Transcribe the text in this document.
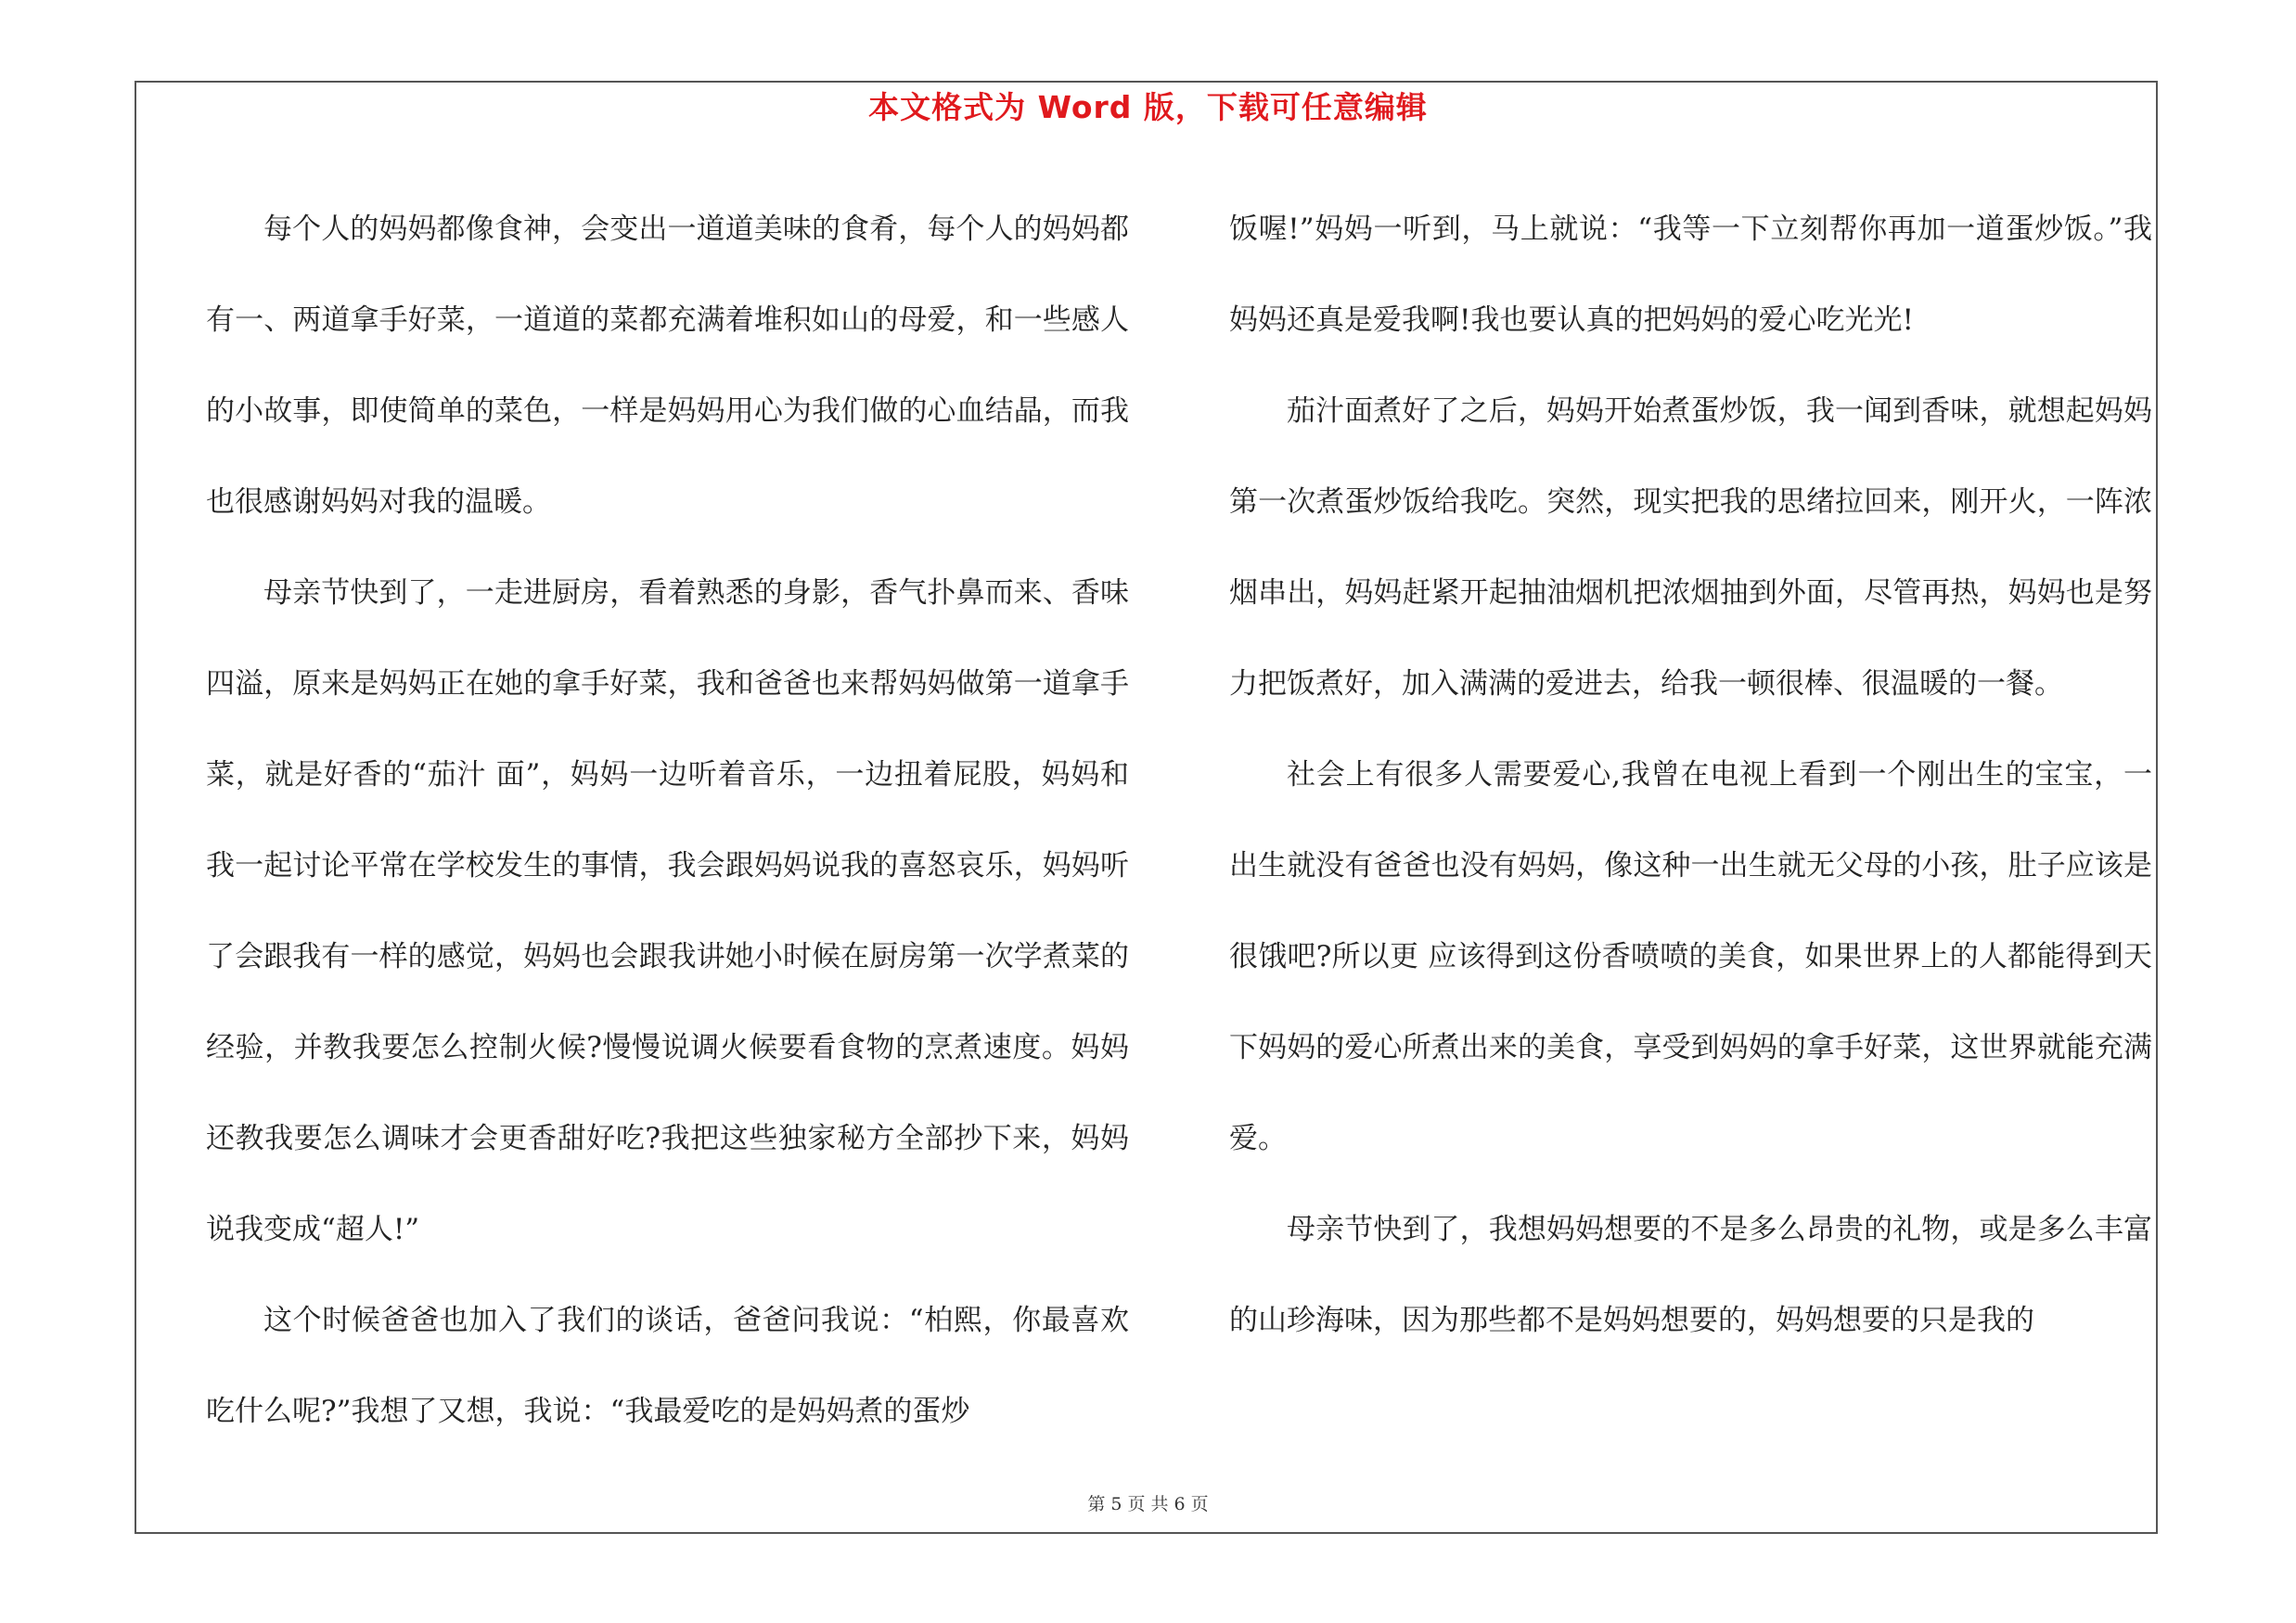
本文格式为 Word 版，下载可任意编辑

每个人的妈妈都像食神，会变出一道道美味的食肴，每个人的妈妈都有一、两道拿手好菜，一道道的菜都充满着堆积如山的母爱，和一些感人的小故事，即使简单的菜色，一样是妈妈用心为我们做的心血结晶，而我也很感谢妈妈对我的温暖。

母亲节快到了，一走进厨房，看着熟悉的身影，香气扑鼻而来、香味四溢，原来是妈妈正在她的拿手好菜，我和爸爸也来帮妈妈做第一道拿手菜，就是好香的“茄汁 面”，妈妈一边听着音乐，一边扭着屁股，妈妈和我一起讨论平常在学校发生的事情，我会跟妈妈说我的喜怒哀乐，妈妈听了会跟我有一样的感觉，妈妈也会跟我讲她小时候在厨房第一次学煮菜的经验，并教我要怎么控制火候?慢慢说调火候要看食物的烹煮速度。妈妈还教我要怎么调味才会更香甜好吃?我把这些独家秘方全部抄下来，妈妈说我变成“超人!”

这个时候爸爸也加入了我们的谈话，爸爸问我说：“柏熙，你最喜欢吃什么呢?”我想了又想，我说：“我最爱吃的是妈妈煮的蛋炒

饭喔!”妈妈一听到，马上就说：“我等一下立刻帮你再加一道蛋炒饭。”我妈妈还真是爱我啊!我也要认真的把妈妈的爱心吃光光!

茄汁面煮好了之后，妈妈开始煮蛋炒饭，我一闻到香味，就想起妈妈第一次煮蛋炒饭给我吃。突然，现实把我的思绪拉回来，刚开火，一阵浓烟串出，妈妈赶紧开起抽油烟机把浓烟抽到外面，尽管再热，妈妈也是努力把饭煮好，加入满满的爱进去，给我一顿很棒、很温暖的一餐。

社会上有很多人需要爱心,我曾在电视上看到一个刚出生的宝宝，一出生就没有爸爸也没有妈妈，像这种一出生就无父母的小孩，肚子应该是很饿吧?所以更 应该得到这份香喷喷的美食，如果世界上的人都能得到天下妈妈的爱心所煮出来的美食，享受到妈妈的拿手好菜，这世界就能充满爱。

母亲节快到了，我想妈妈想要的不是多么昂贵的礼物，或是多么丰富的山珍海味，因为那些都不是妈妈想要的，妈妈想要的只是我的

第 5 页 共 6 页
